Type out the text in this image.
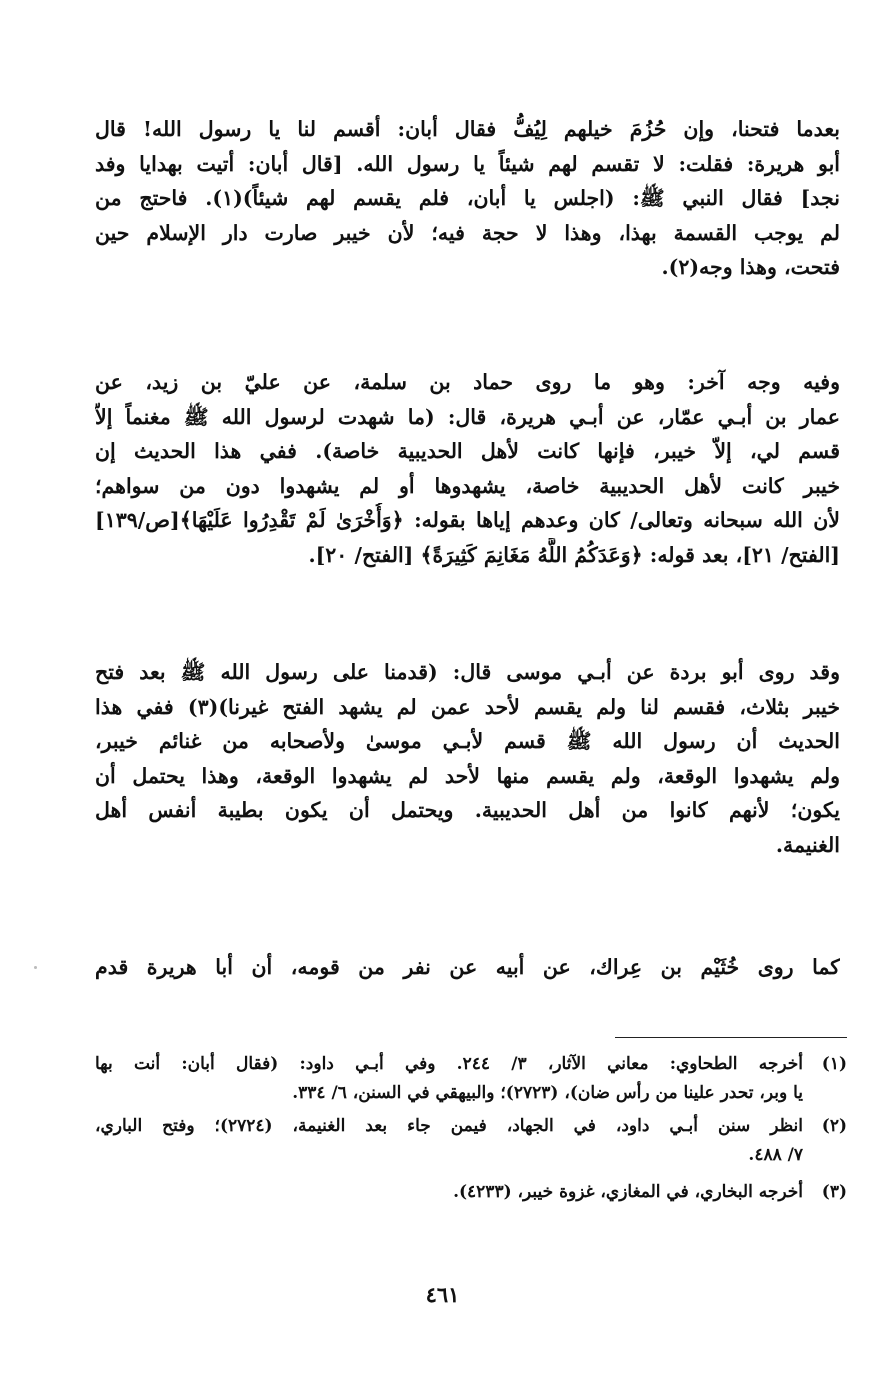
بعدما فتحنا، وإن حُزُمَ خيلهم لِيُفُّ فقال أبان: أقسم لنا يا رسول الله! قال
أبو هريرة: فقلت: لا تقسم لهم شيئاً يا رسول الله. [قال أبان: أتيت بهدايا وفد
نجد] فقال النبي ﷺ: (اجلس يا أبان، فلم يقسم لهم شيئاً)(١). فاحتج من
لم يوجب القسمة بهذا، وهذا لا حجة فيه؛ لأن خيبر صارت دار الإسلام حين
فتحت، وهذا وجه(٢).
وفيه وجه آخر: وهو ما روى حماد بن سلمة، عن عليّ بن زيد، عن
عمار بن أبـي عمّار، عن أبـي هريرة، قال: (ما شهدت لرسول الله ﷺ مغنماً إلاّ
قسم لي، إلاّ خيبر، فإنها كانت لأهل الحديبية خاصة). ففي هذا الحديث إن
خيبر كانت لأهل الحديبية خاصة، يشهدوها أو لم يشهدوا دون من سواهم؛
لأن الله سبحانه وتعالى/ كان وعدهم إياها بقوله: ﴿وَأُخْرَىٰ لَمْ تَقْدِرُوا عَلَيْهَا﴾[ص/١٣٩]
[الفتح/ ٢١]، بعد قوله: ﴿وَعَدَكُمُ اللَّهُ مَغَانِمَ كَثِيرَةً﴾ [الفتح/ ٢٠].
وقد روى أبو بردة عن أبـي موسى قال: (قدمنا على رسول الله ﷺ بعد فتح
خيبر بثلاث، فقسم لنا ولم يقسم لأحد عمن لم يشهد الفتح غيرنا)(٣) ففي هذا
الحديث أن رسول الله ﷺ قسم لأبـي موسىٰ ولأصحابه من غنائم خيبر،
ولم يشهدوا الوقعة، ولم يقسم منها لأحد لم يشهدوا الوقعة، وهذا يحتمل أن
يكون؛ لأنهم كانوا من أهل الحديبية. ويحتمل أن يكون بطيبة أنفس أهل
الغنيمة.
كما روى خُثَيْم بن عِراك، عن أبيه عن نفر من قومه، أن أبا هريرة قدم
(١)
أخرجه الطحاوي: معاني الآثار، ٣/ ٢٤٤. وفي أبـي داود: (فقال أبان: أنت بها
يا وبر، تحدر علينا من رأس ضان)، (٢٧٢٣)؛ والبيهقي في السنن، ٦/ ٣٣٤.
(٢)
انظر سنن أبـي داود، في الجهاد، فيمن جاء بعد الغنيمة، (٢٧٢٤)؛ وفتح الباري،
٧/ ٤٨٨.
(٣)
أخرجه البخاري، في المغازي، غزوة خيبر، (٤٢٣٣).
٤٦١
